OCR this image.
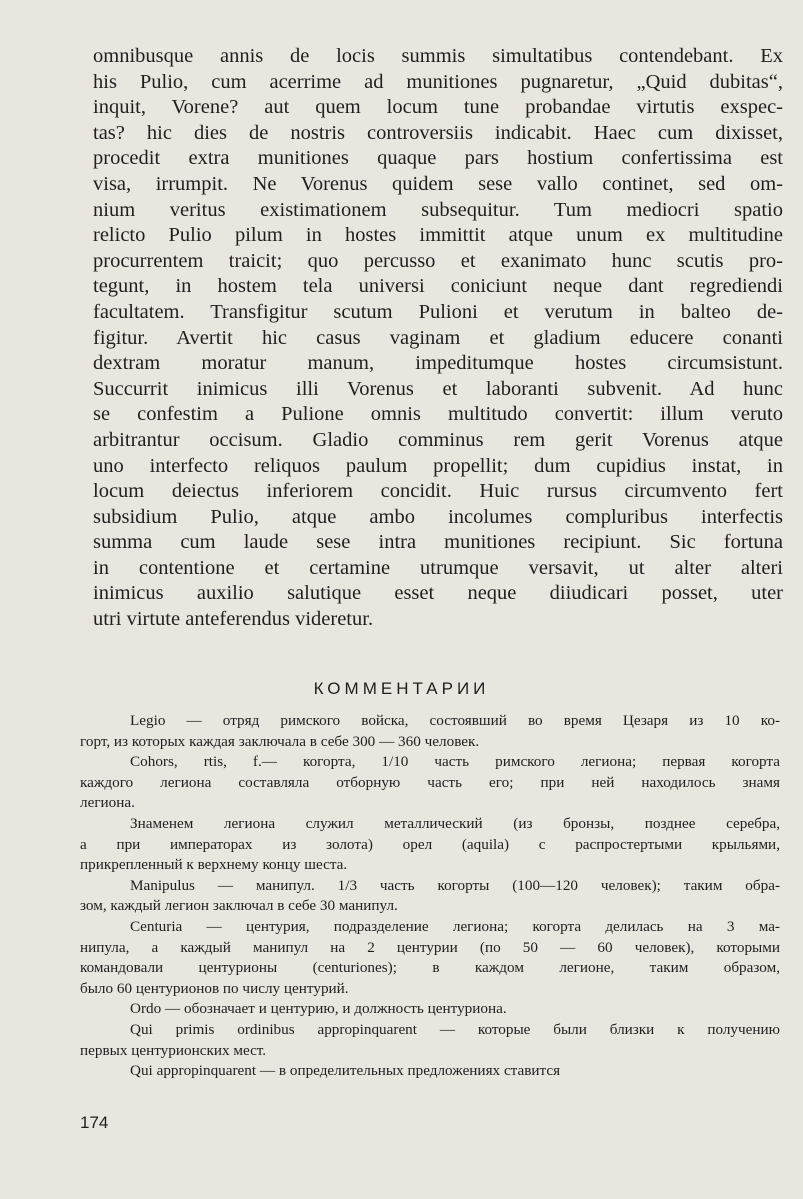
omnibusque annis de locis summis simultatibus contendebant. Ex
his Pulio, cum acerrime ad munitiones pugnaretur, „Quid dubitas“,
inquit, Vorene? aut quem locum tune probandae virtutis exspec-
tas? hic dies de nostris controversiis indicabit. Haec cum dixisset,
procedit extra munitiones quaque pars hostium confertissima est
visa, irrumpit. Ne Vorenus quidem sese vallo continet, sed om-
nium veritus existimationem subsequitur. Tum mediocri spatio
relicto Pulio pilum in hostes immittit atque unum ex multitudine
procurrentem traicit; quo percusso et exanimato hunc scutis pro-
tegunt, in hostem tela universi coniciunt neque dant regrediendi
facultatem. Transfigitur scutum Pulioni et verutum in balteo de-
figitur. Avertit hic casus vaginam et gladium educere conanti
dextram moratur manum, impeditumque hostes circumsistunt.
Succurrit inimicus illi Vorenus et laboranti subvenit. Ad hunc
se confestim a Pulione omnis multitudo convertit: illum veruto
arbitrantur occisum. Gladio comminus rem gerit Vorenus atque
uno interfecto reliquos paulum propellit; dum cupidius instat, in
locum deiectus inferiorem concidit. Huic rursus circumvento fert
subsidium Pulio, atque ambo incolumes compluribus interfectis
summa cum laude sese intra munitiones recipiunt. Sic fortuna
in contentione et certamine utrumque versavit, ut alter alteri
inimicus auxilio salutique esset neque diiudicari posset, uter
utri virtute anteferendus videretur.
КОММЕНТАРИИ
Legio — отряд римского войска, состоявший во время Цезаря из 10 ко-
горт, из которых каждая заключала в себе 300 — 360 человек.
Cohors, rtis, f.— когорта, 1/10 часть римского легиона; первая когорта
каждого легиона составляла отборную часть его; при ней находилось знамя
легиона.
Знаменем легиона служил металлический (из бронзы, позднее серебра,
а при императорах из золота) орел (aquila) с распростертыми крыльями,
прикрепленный к верхнему концу шеста.
Manipulus — манипул. 1/3 часть когорты (100—120 человек); таким обра-
зом, каждый легион заключал в себе 30 манипул.
Centuria — центурия, подразделение легиона; когорта делилась на 3 ма-
нипула, а каждый манипул на 2 центурии (по 50 — 60 человек), которыми
командовали центурионы (centuriones); в каждом легионе, таким образом,
было 60 центурионов по числу центурий.
Ordo — обозначает и центурию, и должность центуриона.
Qui primis ordinibus appropinquarent — которые были близки к получению
первых центурионских мест.
Qui appropinquarent — в определительных предложениях ставится
174
